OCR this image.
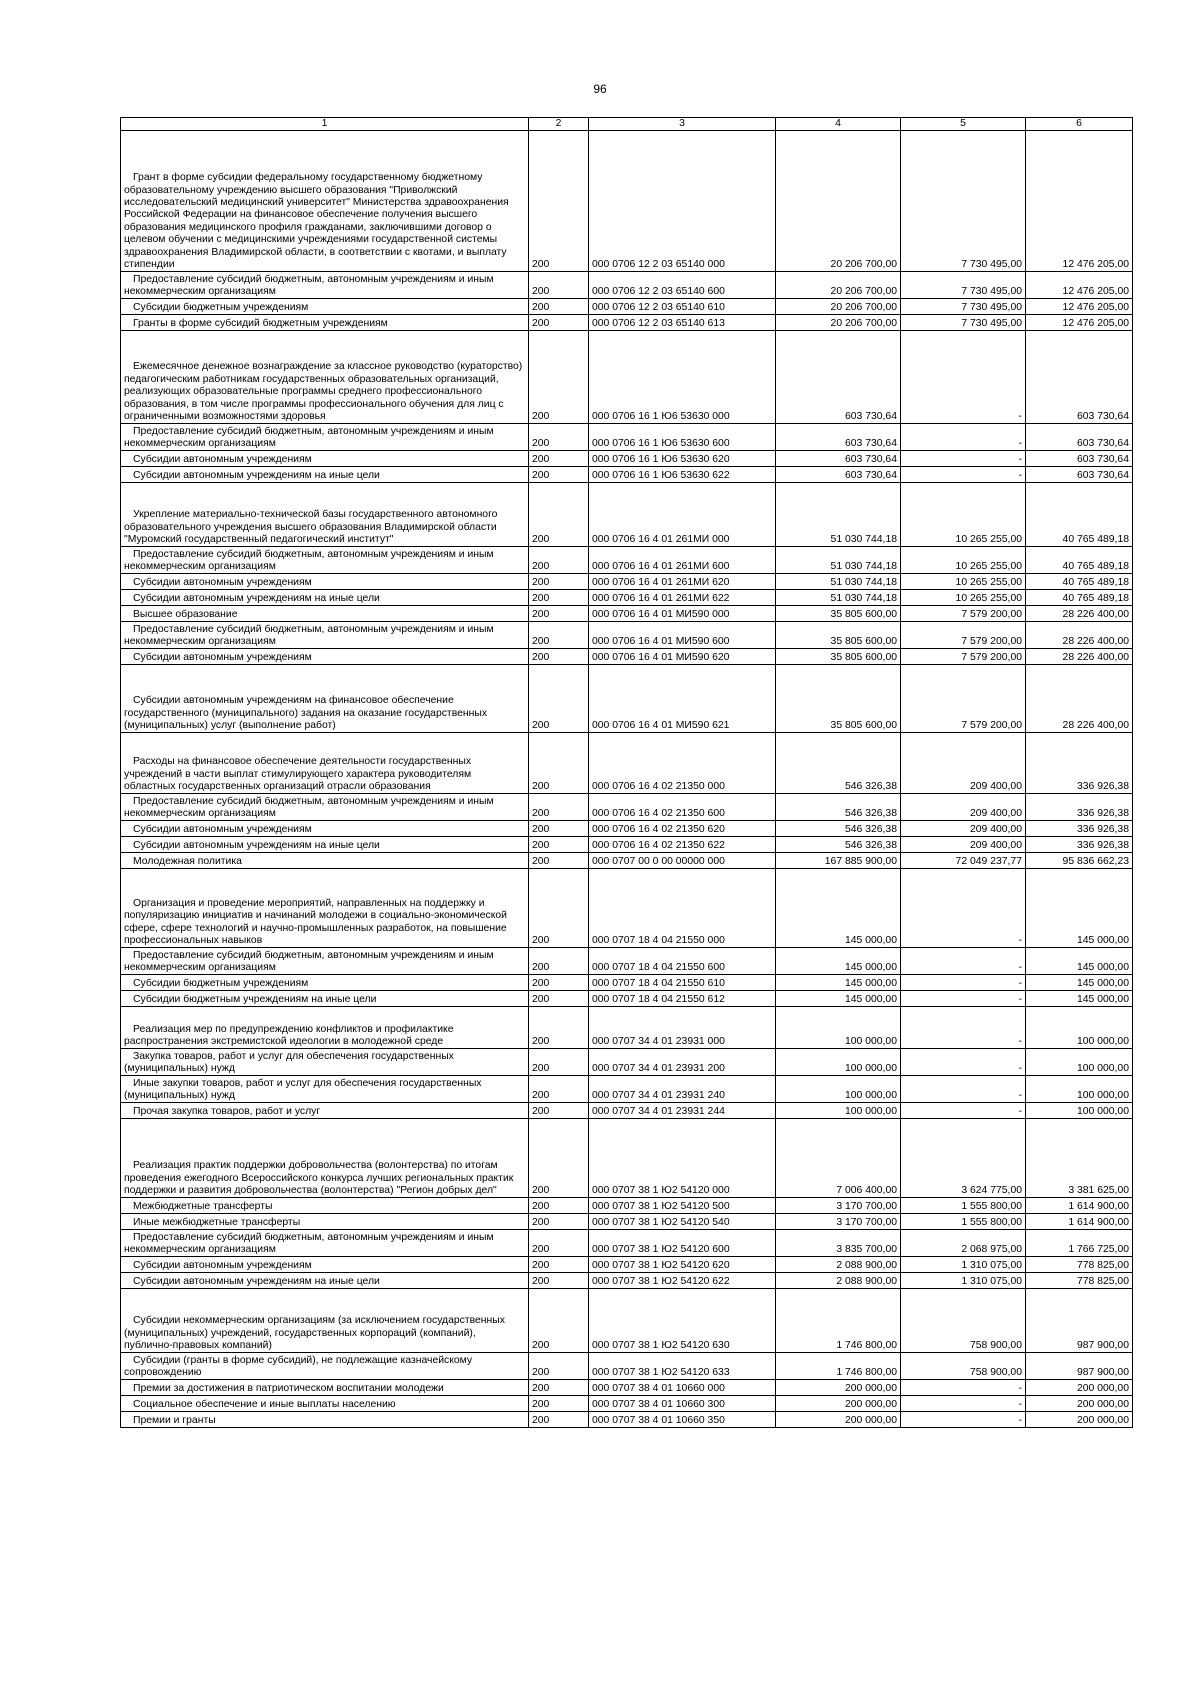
96
1	2	3	4	5	6
Грант в форме субсидии федеральному государственному бюджетному образовательному учреждению высшего образования "Приволжский исследовательский медицинский университет" Министерства здравоохранения Российской Федерации на финансовое обеспечение получения высшего образования медицинского профиля гражданами, заключившими договор о целевом обучении с медицинскими учреждениями государственной системы здравоохранения Владимирской области, в соответствии с квотами, и выплату стипендии	200	000 0706 12 2 03 65140 000	20 206 700,00	7 730 495,00	12 476 205,00
Предоставление субсидий бюджетным, автономным учреждениям и иным некоммерческим организациям	200	000 0706 12 2 03 65140 600	20 206 700,00	7 730 495,00	12 476 205,00
Субсидии бюджетным учреждениям	200	000 0706 12 2 03 65140 610	20 206 700,00	7 730 495,00	12 476 205,00
Гранты в форме субсидий бюджетным учреждениям	200	000 0706 12 2 03 65140 613	20 206 700,00	7 730 495,00	12 476 205,00
Ежемесячное денежное вознаграждение за классное руководство (кураторство) педагогическим работникам государственных образовательных организаций, реализующих образовательные программы среднего профессионального образования, в том числе программы профессионального обучения для лиц с ограниченными возможностями здоровья	200	000 0706 16 1 Ю6 53630 000	603 730,64	-	603 730,64
Предоставление субсидий бюджетным, автономным учреждениям и иным некоммерческим организациям	200	000 0706 16 1 Ю6 53630 600	603 730,64	-	603 730,64
Субсидии автономным учреждениям	200	000 0706 16 1 Ю6 53630 620	603 730,64	-	603 730,64
Субсидии автономным учреждениям на иные цели	200	000 0706 16 1 Ю6 53630 622	603 730,64	-	603 730,64
Укрепление материально-технической базы государственного автономного образовательного учреждения высшего образования Владимирской области "Муромский государственный педагогический институт"	200	000 0706 16 4 01 261МИ 000	51 030 744,18	10 265 255,00	40 765 489,18
Предоставление субсидий бюджетным, автономным учреждениям и иным некоммерческим организациям	200	000 0706 16 4 01 261МИ 600	51 030 744,18	10 265 255,00	40 765 489,18
Субсидии автономным учреждениям	200	000 0706 16 4 01 261МИ 620	51 030 744,18	10 265 255,00	40 765 489,18
Субсидии автономным учреждениям на иные цели	200	000 0706 16 4 01 261МИ 622	51 030 744,18	10 265 255,00	40 765 489,18
Высшее образование	200	000 0706 16 4 01 МИ590 000	35 805 600,00	7 579 200,00	28 226 400,00
Предоставление субсидий бюджетным, автономным учреждениям и иным некоммерческим организациям	200	000 0706 16 4 01 МИ590 600	35 805 600,00	7 579 200,00	28 226 400,00
Субсидии автономным учреждениям	200	000 0706 16 4 01 МИ590 620	35 805 600,00	7 579 200,00	28 226 400,00
Субсидии автономным учреждениям на финансовое обеспечение государственного (муниципального) задания на оказание государственных (муниципальных) услуг (выполнение работ)	200	000 0706 16 4 01 МИ590 621	35 805 600,00	7 579 200,00	28 226 400,00
Расходы на финансовое обеспечение деятельности государственных учреждений в части выплат стимулирующего характера руководителям областных государственных организаций отрасли образования	200	000 0706 16 4 02 21350 000	546 326,38	209 400,00	336 926,38
Предоставление субсидий бюджетным, автономным учреждениям и иным некоммерческим организациям	200	000 0706 16 4 02 21350 600	546 326,38	209 400,00	336 926,38
Субсидии автономным учреждениям	200	000 0706 16 4 02 21350 620	546 326,38	209 400,00	336 926,38
Субсидии автономным учреждениям на иные цели	200	000 0706 16 4 02 21350 622	546 326,38	209 400,00	336 926,38
Молодежная политика	200	000 0707 00 0 00 00000 000	167 885 900,00	72 049 237,77	95 836 662,23
Организация и проведение мероприятий, направленных на поддержку и популяризацию инициатив и начинаний молодежи в социально-экономической сфере, сфере технологий и научно-промышленных разработок, на повышение профессиональных навыков	200	000 0707 18 4 04 21550 000	145 000,00	-	145 000,00
Предоставление субсидий бюджетным, автономным учреждениям и иным некоммерческим организациям	200	000 0707 18 4 04 21550 600	145 000,00	-	145 000,00
Субсидии бюджетным учреждениям	200	000 0707 18 4 04 21550 610	145 000,00	-	145 000,00
Субсидии бюджетным учреждениям на иные цели	200	000 0707 18 4 04 21550 612	145 000,00	-	145 000,00
Реализация мер по предупреждению конфликтов и профилактике распространения экстремистской идеологии в молодежной среде	200	000 0707 34 4 01 23931 000	100 000,00	-	100 000,00
Закупка товаров, работ и услуг для обеспечения государственных (муниципальных) нужд	200	000 0707 34 4 01 23931 200	100 000,00	-	100 000,00
Иные закупки товаров, работ и услуг для обеспечения государственных (муниципальных) нужд	200	000 0707 34 4 01 23931 240	100 000,00	-	100 000,00
Прочая закупка товаров, работ и услуг	200	000 0707 34 4 01 23931 244	100 000,00	-	100 000,00
Реализация практик поддержки добровольчества (волонтерства) по итогам проведения ежегодного Всероссийского конкурса лучших региональных практик поддержки и развития добровольчества (волонтерства) "Регион добрых дел"	200	000 0707 38 1 Ю2 54120 000	7 006 400,00	3 624 775,00	3 381 625,00
Межбюджетные трансферты	200	000 0707 38 1 Ю2 54120 500	3 170 700,00	1 555 800,00	1 614 900,00
Иные межбюджетные трансферты	200	000 0707 38 1 Ю2 54120 540	3 170 700,00	1 555 800,00	1 614 900,00
Предоставление субсидий бюджетным, автономным учреждениям и иным некоммерческим организациям	200	000 0707 38 1 Ю2 54120 600	3 835 700,00	2 068 975,00	1 766 725,00
Субсидии автономным учреждениям	200	000 0707 38 1 Ю2 54120 620	2 088 900,00	1 310 075,00	778 825,00
Субсидии автономным учреждениям на иные цели	200	000 0707 38 1 Ю2 54120 622	2 088 900,00	1 310 075,00	778 825,00
Субсидии некоммерческим организациям (за исключением государственных (муниципальных) учреждений, государственных корпораций (компаний), публично-правовых компаний)	200	000 0707 38 1 Ю2 54120 630	1 746 800,00	758 900,00	987 900,00
Субсидии (гранты в форме субсидий), не подлежащие казначейскому сопровождению	200	000 0707 38 1 Ю2 54120 633	1 746 800,00	758 900,00	987 900,00
Премии за достижения в патриотическом воспитании молодежи	200	000 0707 38 4 01 10660 000	200 000,00	-	200 000,00
Социальное обеспечение и иные выплаты населению	200	000 0707 38 4 01 10660 300	200 000,00	-	200 000,00
Премии и гранты	200	000 0707 38 4 01 10660 350	200 000,00	-	200 000,00
